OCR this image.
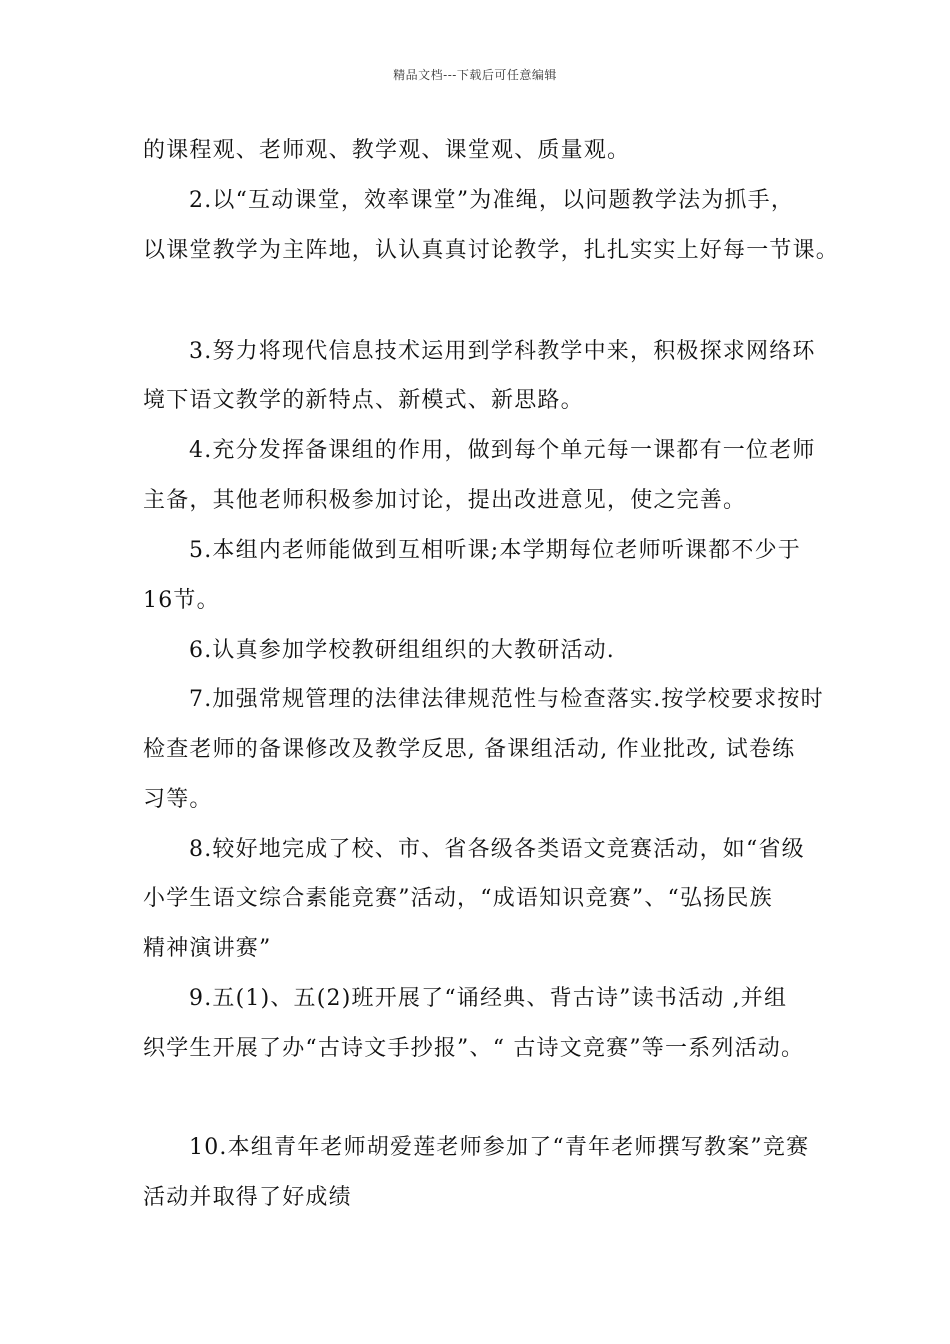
精品文档---下载后可任意编辑
的课程观、老师观、教学观、课堂观、质量观。
2.以“互动课堂，效率课堂”为准绳，以问题教学法为抓手，
以课堂教学为主阵地，认认真真讨论教学，扎扎实实上好每一节课。
3.努力将现代信息技术运用到学科教学中来，积极探求网络环
境下语文教学的新特点、新模式、新思路。
4.充分发挥备课组的作用，做到每个单元每一课都有一位老师
主备，其他老师积极参加讨论，提出改进意见，使之完善。
5.本组内老师能做到互相听课;本学期每位老师听课都不少于
16节。
6.认真参加学校教研组组织的大教研活动.
7.加强常规管理的法律法律规范性与检查落实.按学校要求按时
检查老师的备课修改及教学反思, 备课组活动, 作业批改, 试卷练
习等。
8.较好地完成了校、市、省各级各类语文竞赛活动，如“省级
小学生语文综合素能竞赛”活动，“成语知识竞赛”、“弘扬民族
精神演讲赛”
9.五(1)、五(2)班开展了“诵经典、背古诗”读书活动 ,并组
织学生开展了办“古诗文手抄报”、“ 古诗文竞赛”等一系列活动。
10.本组青年老师胡爱莲老师参加了“青年老师撰写教案”竞赛
活动并取得了好成绩
